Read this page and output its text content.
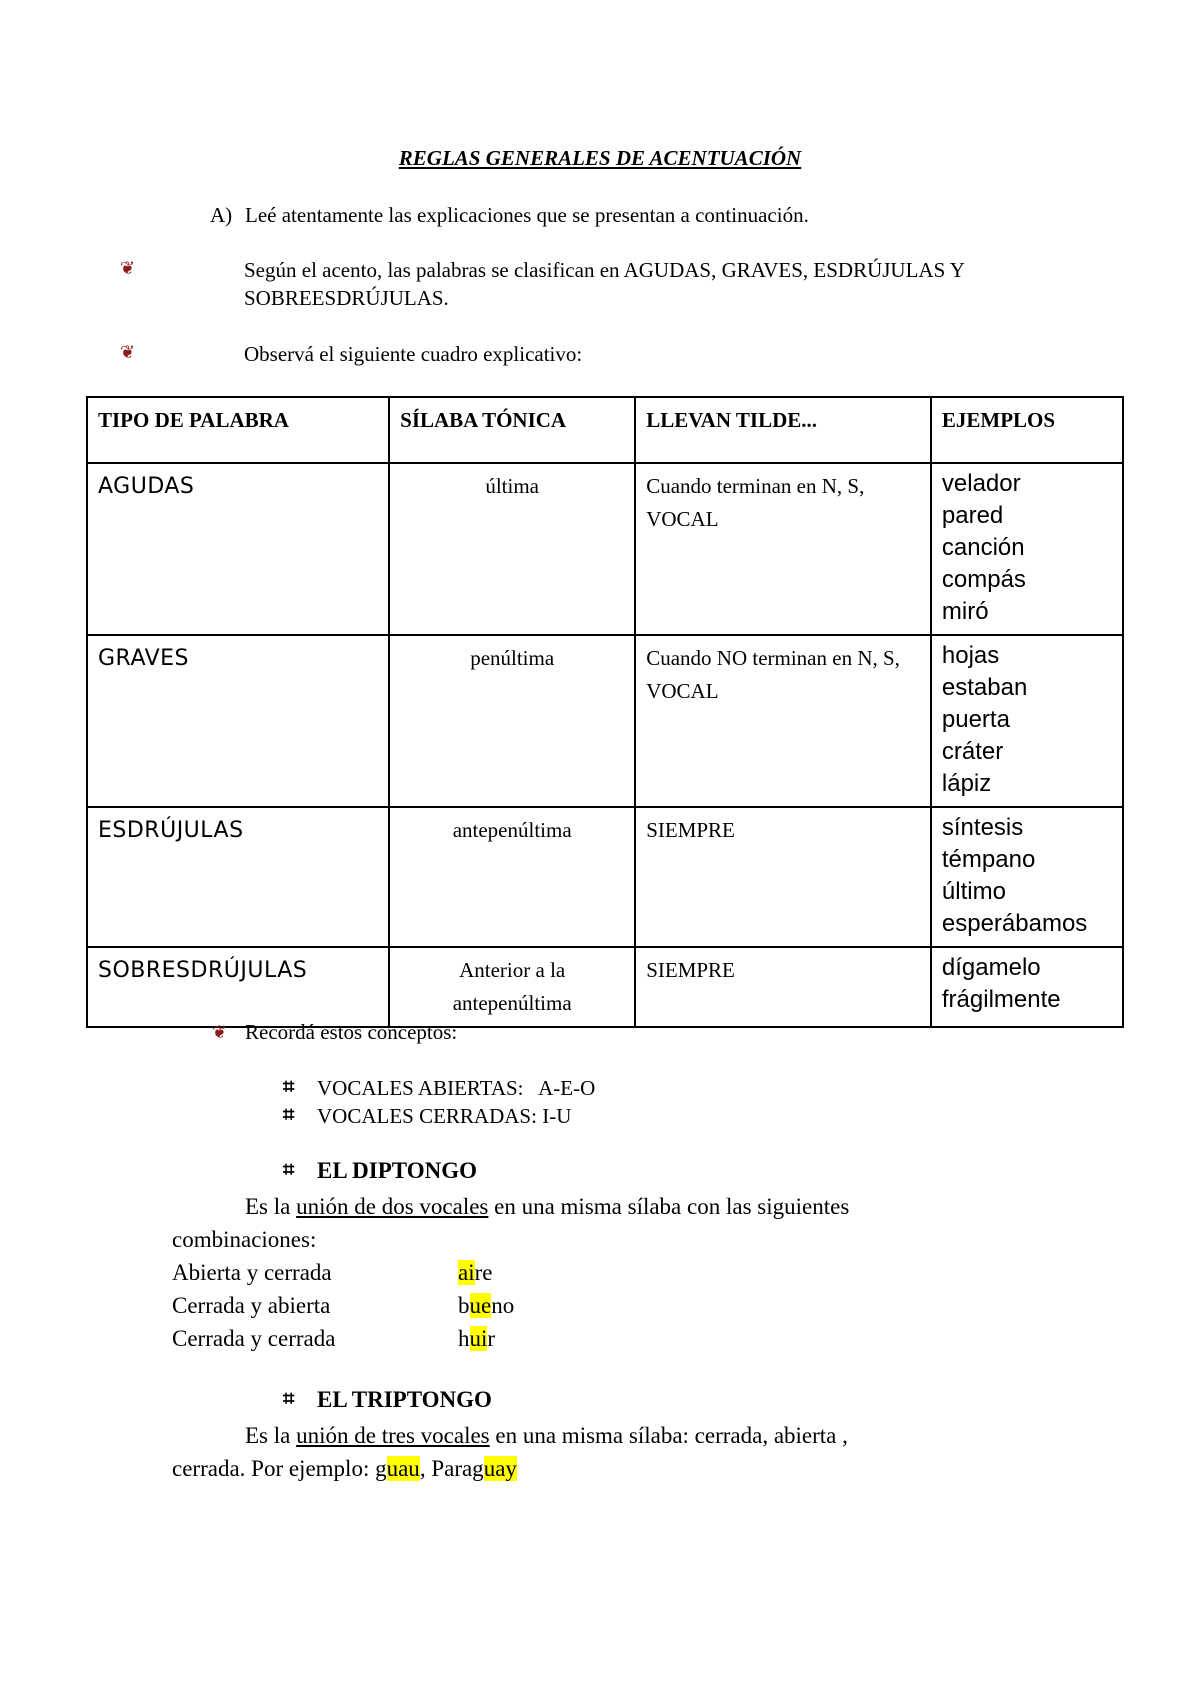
REGLAS GENERALES DE ACENTUACIÓN
A) Leé atentamente las explicaciones que se presentan a continuación.
❦	Según el acento, las palabras se clasifican en AGUDAS, GRAVES, ESDRÚJULAS Y
SOBREESDRÚJULAS.
❦	Observá el siguiente cuadro explicativo:
TIPO DE PALABRA	SÍLABA TÓNICA	LLEVAN TILDE...	EJEMPLOS
AGUDAS	última	Cuando terminan en N, S, VOCAL	velador
pared
canción
compás
miró

GRAVES	penúltima	Cuando NO terminan en N, S, VOCAL	hojas
estaban
puerta
cráter
lápiz

ESDRÚJULAS	antepenúltima	SIEMPRE	síntesis
témpano
último
esperábamos

SOBRESDRÚJULAS	Anterior a la antepenúltima	SIEMPRE	dígamelo
frágilmente
❦ Recordá estos conceptos:
⌗ VOCALES ABIERTAS:   A-E-O
⌗ VOCALES CERRADAS: I-U
⌗ EL DIPTONGO
Es la unión de dos vocales en una misma sílaba con las siguientes
combinaciones:
Abierta y cerrada	aire
Cerrada y abierta	bueno
Cerrada y cerrada	huir
⌗ EL TRIPTONGO
Es la unión de tres vocales en una misma sílaba: cerrada, abierta ,
cerrada. Por ejemplo: guau, Paraguay
